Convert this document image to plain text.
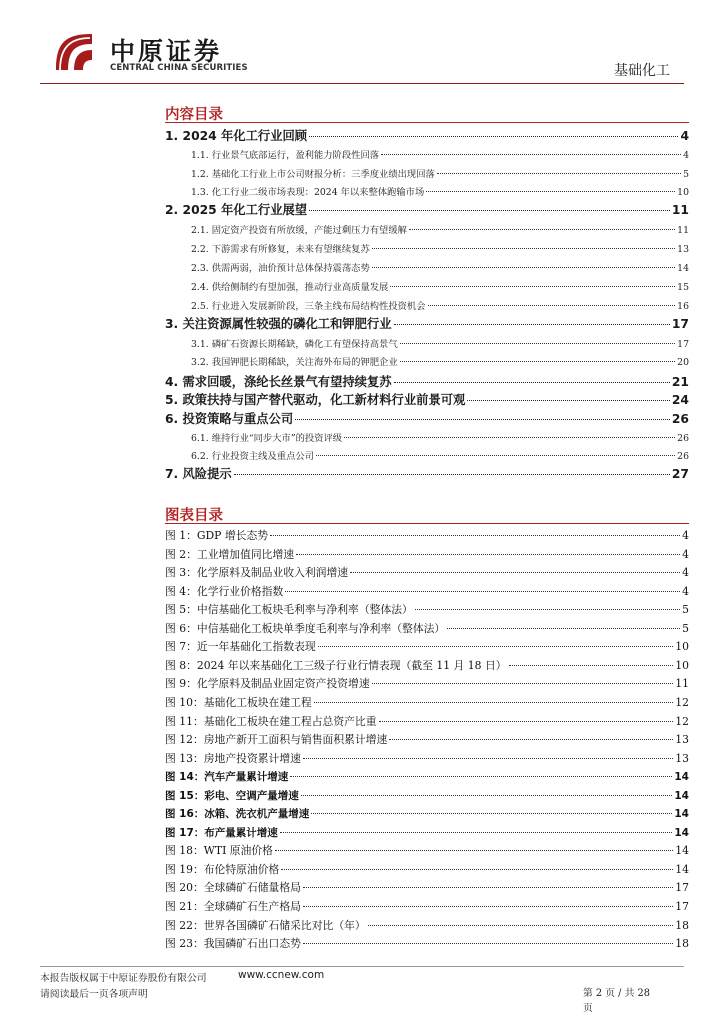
中原证券
CENTRAL CHINA SECURITIES	基础化工
内容目录
1. 2024 年化工行业回顾	4
1.1. 行业景气底部运行，盈利能力阶段性回落	4
1.2. 基础化工行业上市公司财报分析：三季度业绩出现回落	5
1.3. 化工行业二级市场表现：2024 年以来整体跑输市场	10
2. 2025 年化工行业展望	11
2.1. 固定资产投资有所放缓，产能过剩压力有望缓解	11
2.2. 下游需求有所修复，未来有望继续复苏	13
2.3. 供需两弱，油价预计总体保持震荡态势	14
2.4. 供给侧制约有望加强，推动行业高质量发展	15
2.5. 行业进入发展新阶段，三条主线布局结构性投资机会	16
3. 关注资源属性较强的磷化工和钾肥行业	17
3.1. 磷矿石资源长期稀缺，磷化工有望保持高景气	17
3.2. 我国钾肥长期稀缺，关注海外布局的钾肥企业	20
4. 需求回暖，涤纶长丝景气有望持续复苏	21
5. 政策扶持与国产替代驱动，化工新材料行业前景可观	24
6. 投资策略与重点公司	26
6.1. 维持行业“同步大市”的投资评级	26
6.2. 行业投资主线及重点公司	26
7. 风险提示	27
图表目录
图 1：GDP 增长态势	4
图 2：工业增加值同比增速	4
图 3：化学原料及制品业收入利润增速	4
图 4：化学行业价格指数	4
图 5：中信基础化工板块毛利率与净利率（整体法）	5
图 6：中信基础化工板块单季度毛利率与净利率（整体法）	5
图 7：近一年基础化工指数表现	10
图 8：2024 年以来基础化工三级子行业行情表现（截至 11 月 18 日）	10
图 9：化学原料及制品业固定资产投资增速	11
图 10：基础化工板块在建工程	12
图 11：基础化工板块在建工程占总资产比重	12
图 12：房地产新开工面积与销售面积累计增速	13
图 13：房地产投资累计增速	13
图 14：汽车产量累计增速	14
图 15：彩电、空调产量增速	14
图 16：冰箱、洗衣机产量增速	14
图 17：布产量累计增速	14
图 18：WTI 原油价格	14
图 19：布伦特原油价格	14
图 20：全球磷矿石储量格局	17
图 21：全球磷矿石生产格局	17
图 22：世界各国磷矿石储采比对比（年）	18
图 23：我国磷矿石出口态势	18
本报告版权属于中原证券股份有限公司	www.ccnew.com
请阅读最后一页各项声明	第 2 页 / 共 28
页
